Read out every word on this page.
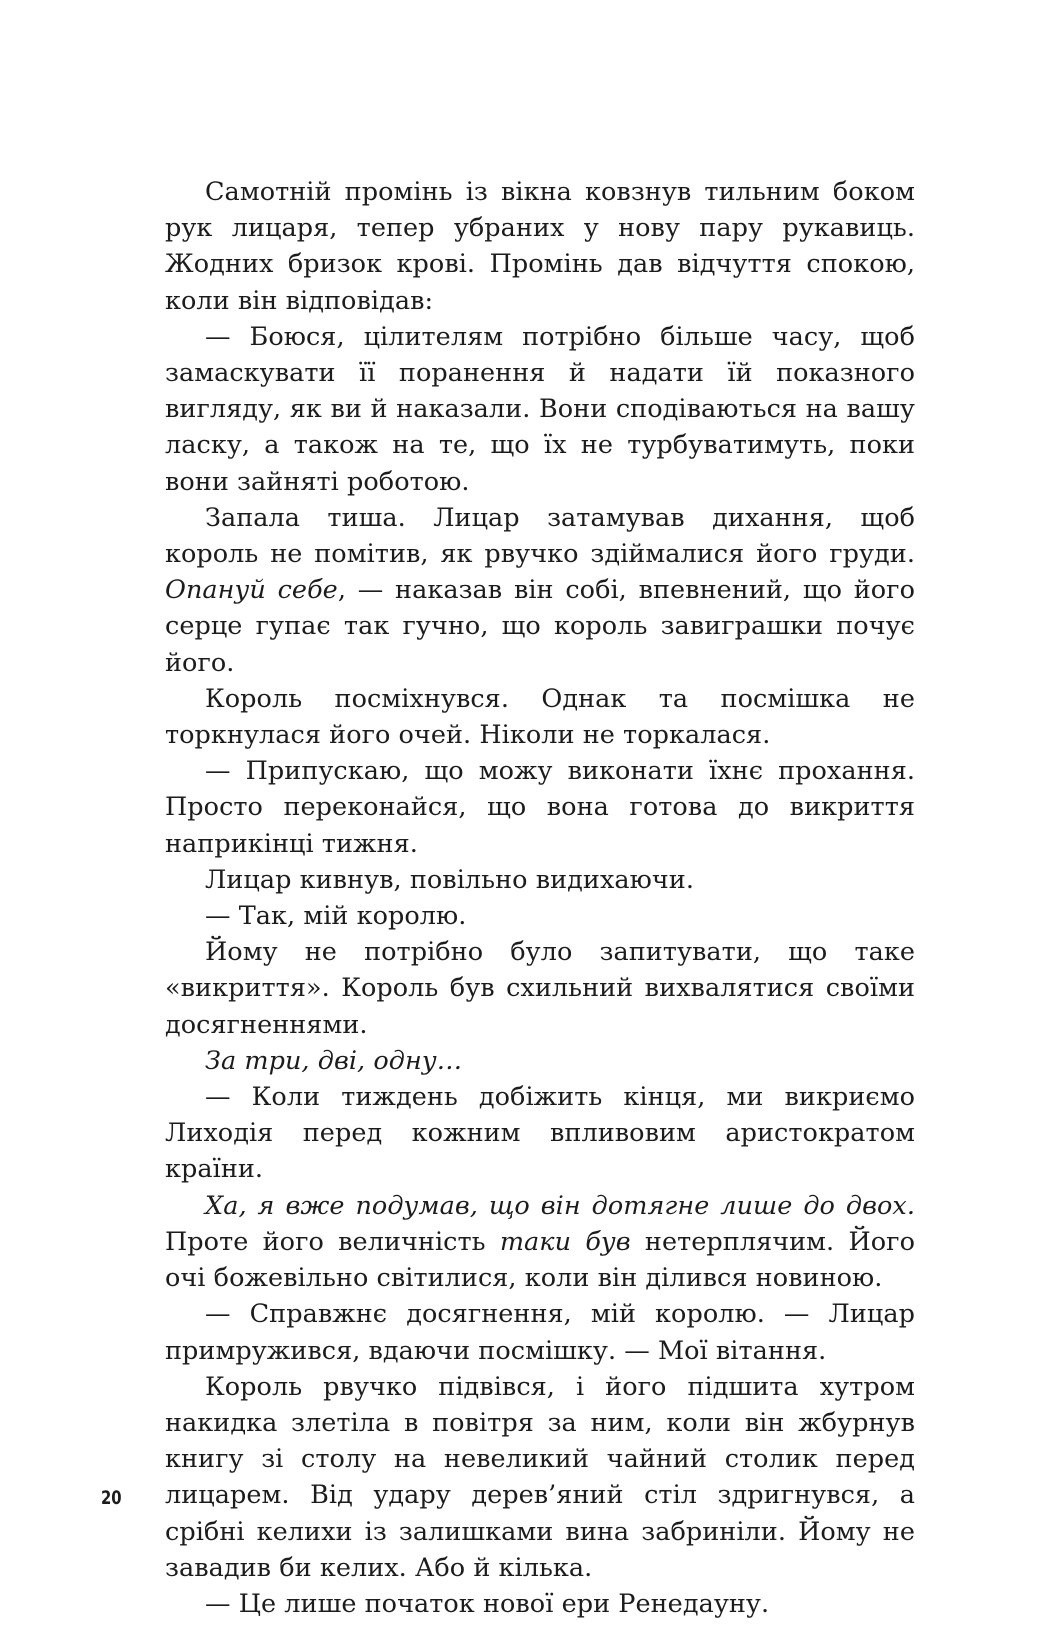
Самотній промінь із вікна ковзнув тильним боком рук лицаря, тепер убраних у нову пару рукавиць. Жодних бризок крові. Промінь дав відчуття спокою, коли він відповідав:

— Боюся, цілителям потрібно більше часу, щоб замаскувати її поранення й надати їй показного вигляду, як ви й наказали. Вони сподіваються на вашу ласку, а також на те, що їх не турбуватимуть, поки вони зайняті роботою.

Запала тиша. Лицар затамував дихання, щоб король не помітив, як рвучко здіймалися його груди. Опануй себе, — наказав він собі, впевнений, що його серце гупає так гучно, що король завиграшки почує його.

Король посміхнувся. Однак та посмішка не торкнулася його очей. Ніколи не торкалася.

— Припускаю, що можу виконати їхнє прохання. Просто переконайся, що вона готова до викриття наприкінці тижня.

Лицар кивнув, повільно видихаючи.

— Так, мій королю.

Йому не потрібно було запитувати, що таке «викриття». Король був схильний вихвалятися своїми досягненнями.

За три, дві, одну…

— Коли тиждень добіжить кінця, ми викриємо Лиходія перед кожним впливовим аристократом країни.

Ха, я вже подумав, що він дотягне лише до двох. Проте його величність таки був нетерплячим. Його очі божевільно світилися, коли він ділився новиною.

— Справжнє досягнення, мій королю. — Лицар примружився, вдаючи посмішку. — Мої вітання.

Король рвучко підвівся, і його підшита хутром накидка злетіла в повітря за ним, коли він жбурнув книгу зі столу на невеликий чайний столик перед лицарем. Від удару дерев’яний стіл здригнувся, а срібні келихи із залишками вина забриніли. Йому не завадив би келих. Або й кілька.

— Це лише початок нової ери Ренедауну.

20
